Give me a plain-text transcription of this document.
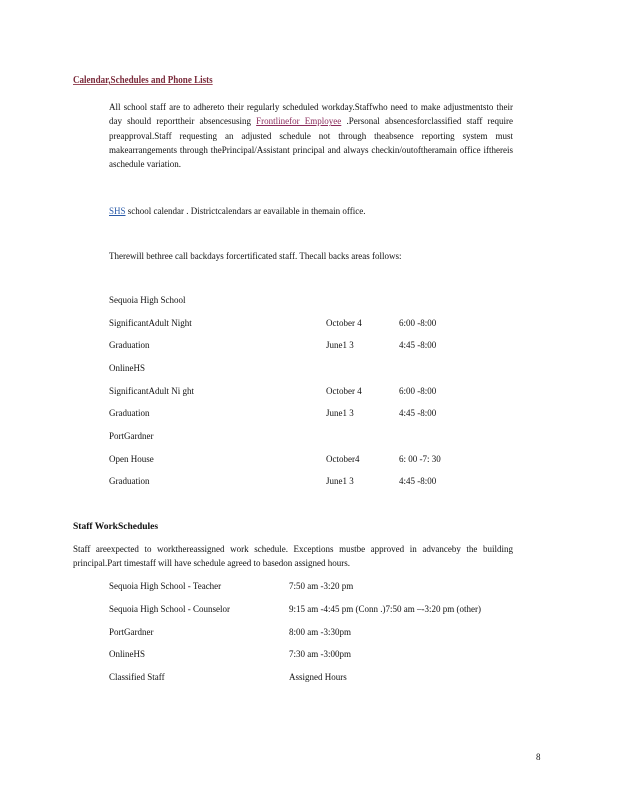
Calendar,Schedules and Phone Lists
All school staff are to adhereto their regularly scheduled workday.Staffwho need to make adjustmentsto their day should reporttheir absencesusing Frontlinefor Employee .Personal absencesforclassified staff require preapproval.Staff requesting an adjusted schedule not through theabsence reporting system must makearrangements through thePrincipal/Assistant principal and always checkin/outoftheramain office ifthereis aschedule variation.
SHS school calendar . Districtcalendars ar eavailable in themain office.
Therewill bethree call backdays forcertificated staff. Thecall backs areas follows:
Sequoia High School
SignificantAdult Night	October 4	6:00 -8:00
Graduation	June1 3	4:45 -8:00
OnlineHS
SignificantAdult Ni ght	October 4	6:00 -8:00
Graduation	June1 3	4:45 -8:00
PortGardner
Open House	October4	6: 00 -7: 30
Graduation	June1 3	4:45 -8:00
Staff WorkSchedules
Staff areexpected to workthereassigned work schedule. Exceptions mustbe approved in advanceby the building principal.Part timestaff will have schedule agreed to basedon assigned hours.
Sequoia High School - Teacher	7:50 am -3:20 pm
Sequoia High School - Counselor	9:15 am -4:45 pm (Conn .)7:50 am –-3:20 pm (other)
PortGardner	8:00 am -3:30pm
OnlineHS	7:30 am -3:00pm
Classified Staff	Assigned Hours
8
